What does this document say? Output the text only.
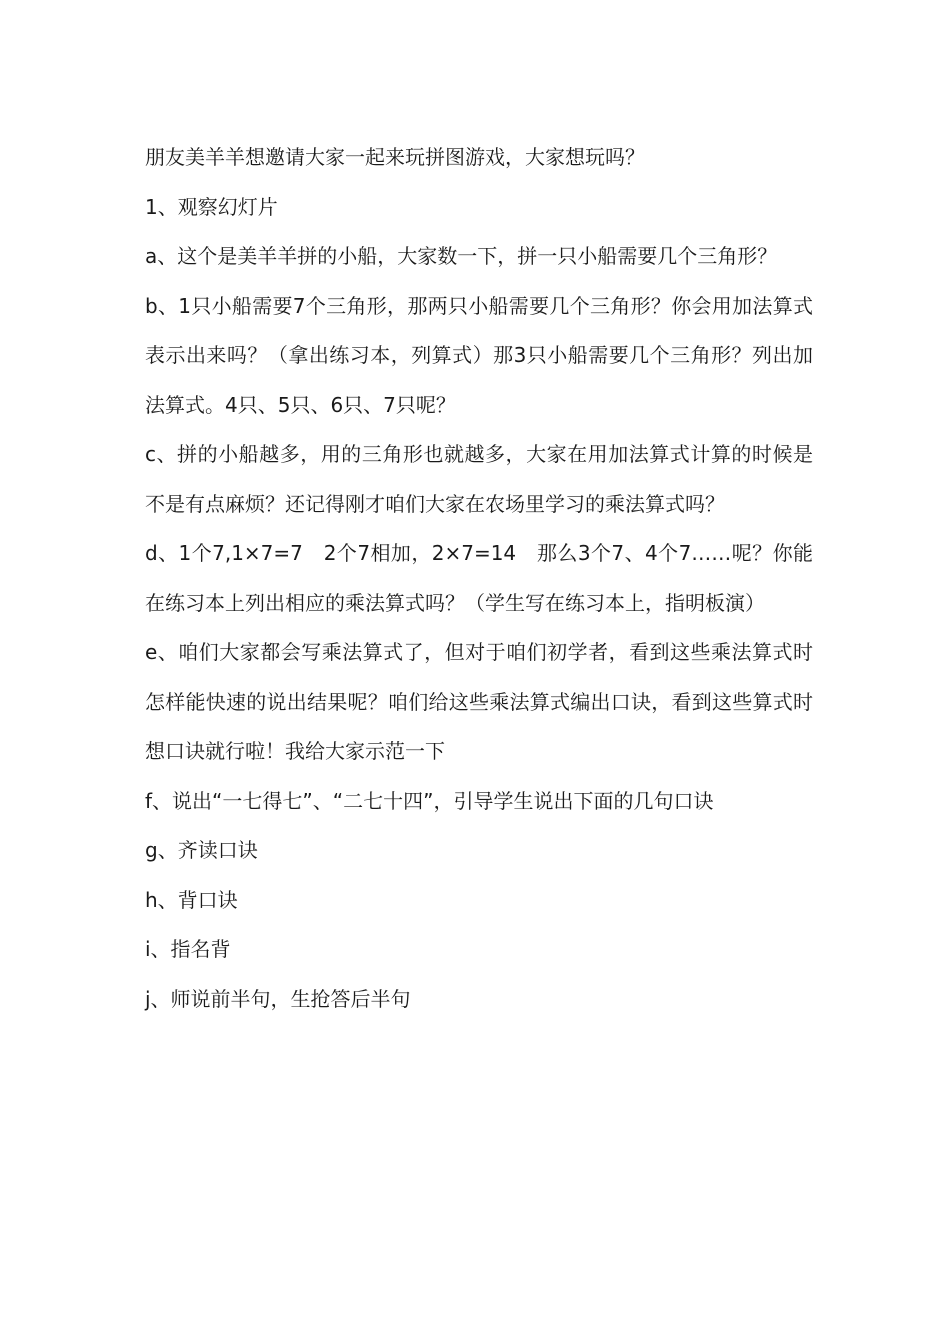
朋友美羊羊想邀请大家一起来玩拼图游戏，大家想玩吗？

1、观察幻灯片

a、这个是美羊羊拼的小船，大家数一下，拼一只小船需要几个三角形？

b、1只小船需要7个三角形，那两只小船需要几个三角形？你会用加法算式表示出来吗？（拿出练习本，列算式）那3只小船需要几个三角形？列出加法算式。4只、5只、6只、7只呢？

c、拼的小船越多，用的三角形也就越多，大家在用加法算式计算的时候是不是有点麻烦？还记得刚才咱们大家在农场里学习的乘法算式吗？

d、1个7,1×7=7　2个7相加，2×7=14　那么3个7、4个7……呢？你能在练习本上列出相应的乘法算式吗？（学生写在练习本上，指明板演）

e、咱们大家都会写乘法算式了，但对于咱们初学者，看到这些乘法算式时怎样能快速的说出结果呢？咱们给这些乘法算式编出口诀，看到这些算式时想口诀就行啦！我给大家示范一下

f、说出“一七得七”、“二七十四”，引导学生说出下面的几句口诀

g、齐读口诀

h、背口诀

i、指名背

j、师说前半句，生抢答后半句
